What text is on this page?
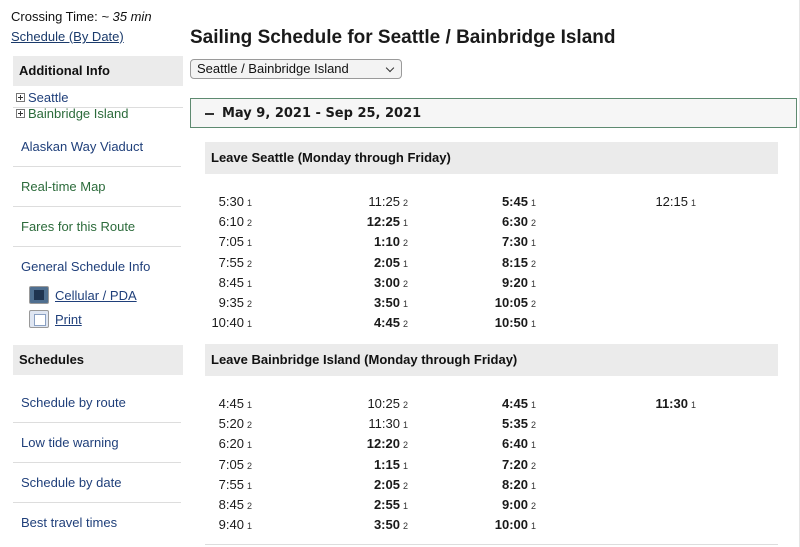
Crossing Time: ~ 35 min
Schedule (By Date)
Additional Info
Seattle
Bainbridge Island
Alaskan Way Viaduct
Real-time Map
Fares for this Route
General Schedule Info
Cellular / PDA
Print
Schedules
Schedule by route
Low tide warning
Schedule by date
Best travel times
Sailing Schedule for Seattle / Bainbridge Island
Seattle / Bainbridge Island
May 9, 2021 - Sep 25, 2021
Leave Seattle (Monday through Friday)
5:30 1
6:10 2
7:05 1
7:55 2
8:45 1
9:35 2
10:40 1
11:25 2
12:25 1
1:10 2
2:05 1
3:00 2
3:50 1
4:45 2
5:45 1
6:30 2
7:30 1
8:15 2
9:20 1
10:05 2
10:50 1
12:15 1
Leave Bainbridge Island (Monday through Friday)
4:45 1
5:20 2
6:20 1
7:05 2
7:55 1
8:45 2
9:40 1
10:25 2
11:30 1
12:20 2
1:15 1
2:05 2
2:55 1
3:50 2
4:45 1
5:35 2
6:40 1
7:20 2
8:20 1
9:00 2
10:00 1
11:30 1
